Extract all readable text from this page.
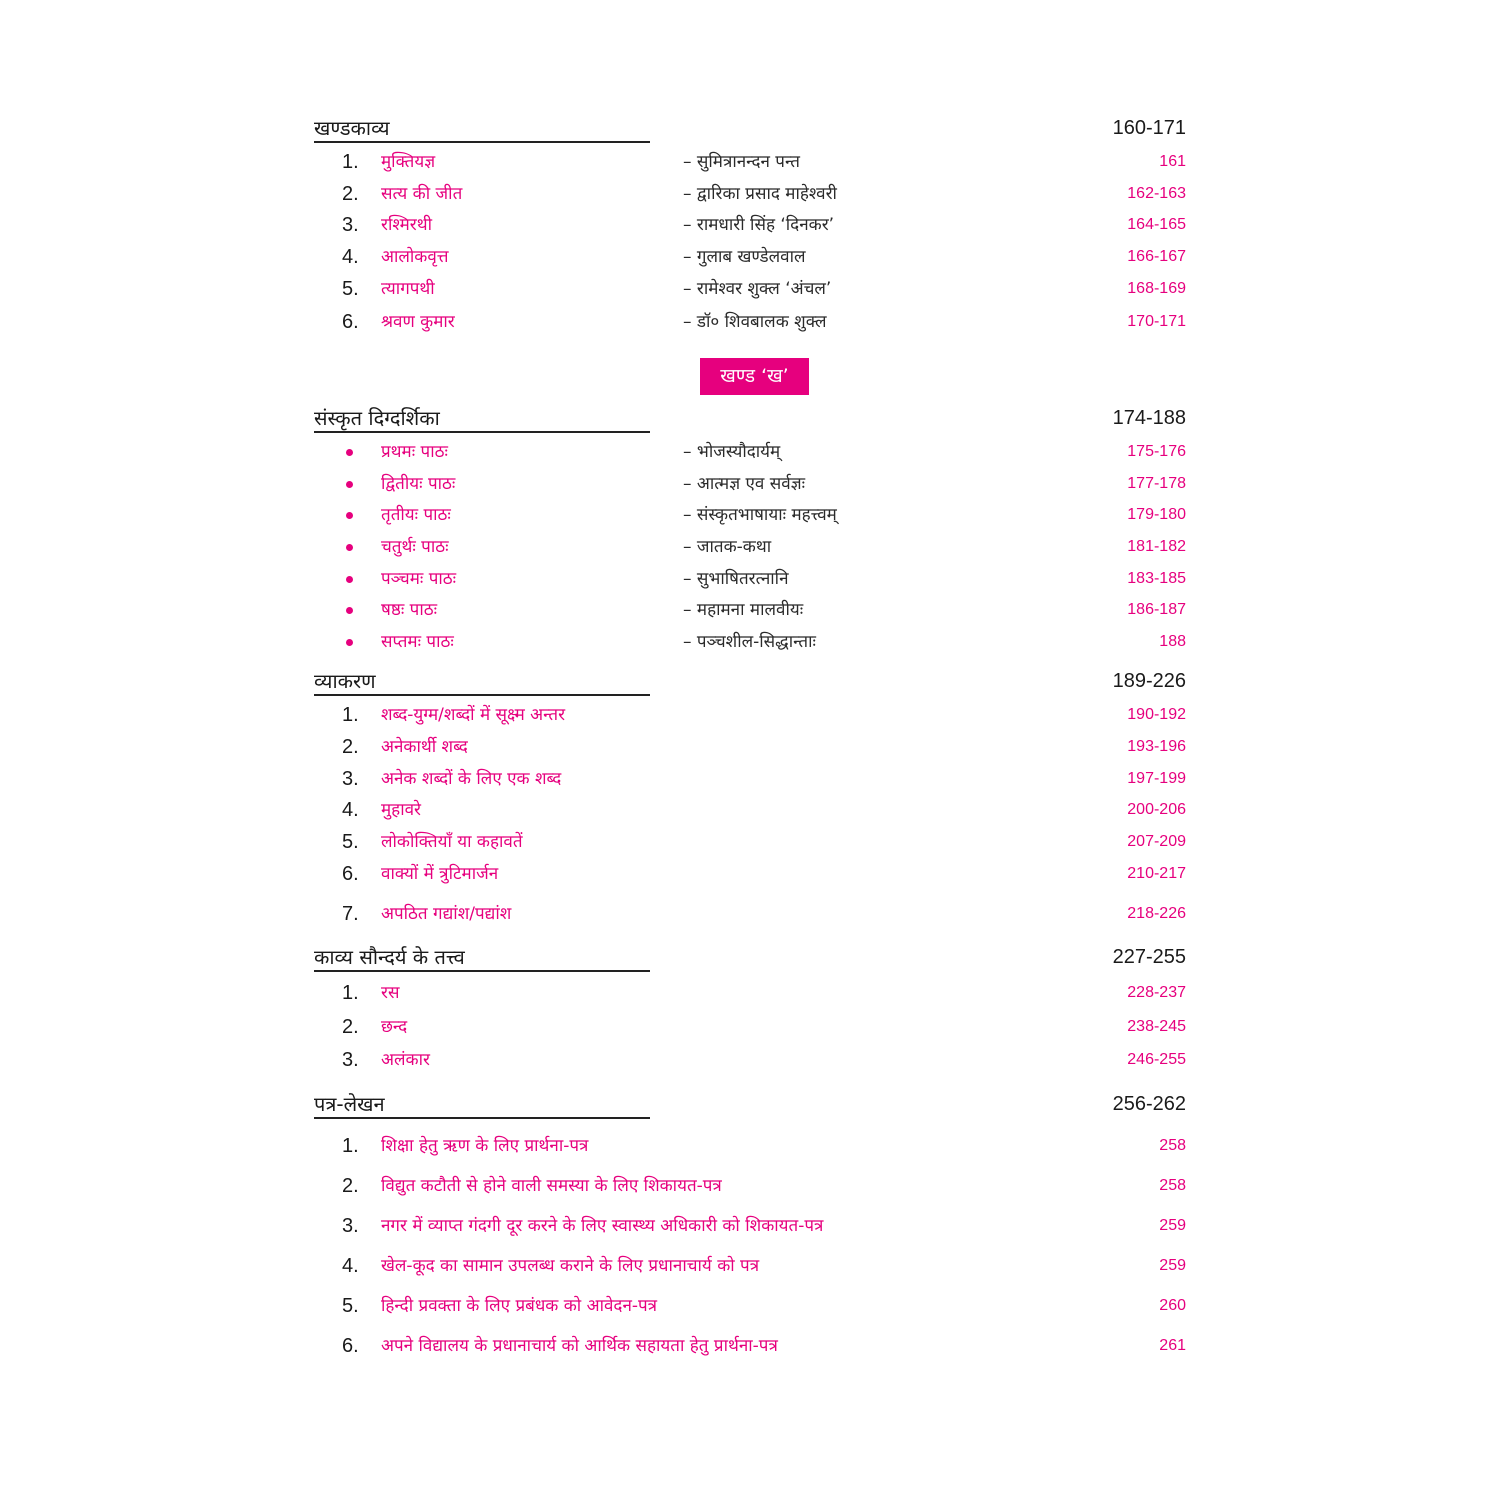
खण्डकाव्य	160-171
1. मुक्तियज्ञ	– सुमित्रानन्दन पन्त	161
2. सत्य की जीत	– द्वारिका प्रसाद माहेश्वरी	162-163
3. रश्मिरथी	– रामधारी सिंह ‘दिनकर’	164-165
4. आलोकवृत्त	– गुलाब खण्डेलवाल	166-167
5. त्यागपथी	– रामेश्वर शुक्ल ‘अंचल’	168-169
6. श्रवण कुमार	– डॉ० शिवबालक शुक्ल	170-171
खण्ड ‘ख’
संस्कृत दिग्दर्शिका	174-188
प्रथमः पाठः	– भोजस्यौदार्यम्	175-176
द्वितीयः पाठः	– आत्मज्ञ एव सर्वज्ञः	177-178
तृतीयः पाठः	– संस्कृतभाषायाः महत्त्वम्	179-180
चतुर्थः पाठः	– जातक-कथा	181-182
पञ्चमः पाठः	– सुभाषितरत्नानि	183-185
षष्ठः पाठः	– महामना मालवीयः	186-187
सप्तमः पाठः	– पञ्चशील-सिद्धान्ताः	188
व्याकरण	189-226
1. शब्द-युग्म/शब्दों में सूक्ष्म अन्तर	190-192
2. अनेकार्थी शब्द	193-196
3. अनेक शब्दों के लिए एक शब्द	197-199
4. मुहावरे	200-206
5. लोकोक्तियाँ या कहावतें	207-209
6. वाक्यों में त्रुटिमार्जन	210-217
7. अपठित गद्यांश/पद्यांश	218-226
काव्य सौन्दर्य के तत्त्व	227-255
1. रस	228-237
2. छन्द	238-245
3. अलंकार	246-255
पत्र-लेखन	256-262
1. शिक्षा हेतु ऋण के लिए प्रार्थना-पत्र	258
2. विद्युत कटौती से होने वाली समस्या के लिए शिकायत-पत्र	258
3. नगर में व्याप्त गंदगी दूर करने के लिए स्वास्थ्य अधिकारी को शिकायत-पत्र	259
4. खेल-कूद का सामान उपलब्ध कराने के लिए प्रधानाचार्य को पत्र	259
5. हिन्दी प्रवक्ता के लिए प्रबंधक को आवेदन-पत्र	260
6. अपने विद्यालय के प्रधानाचार्य को आर्थिक सहायता हेतु प्रार्थना-पत्र	261
